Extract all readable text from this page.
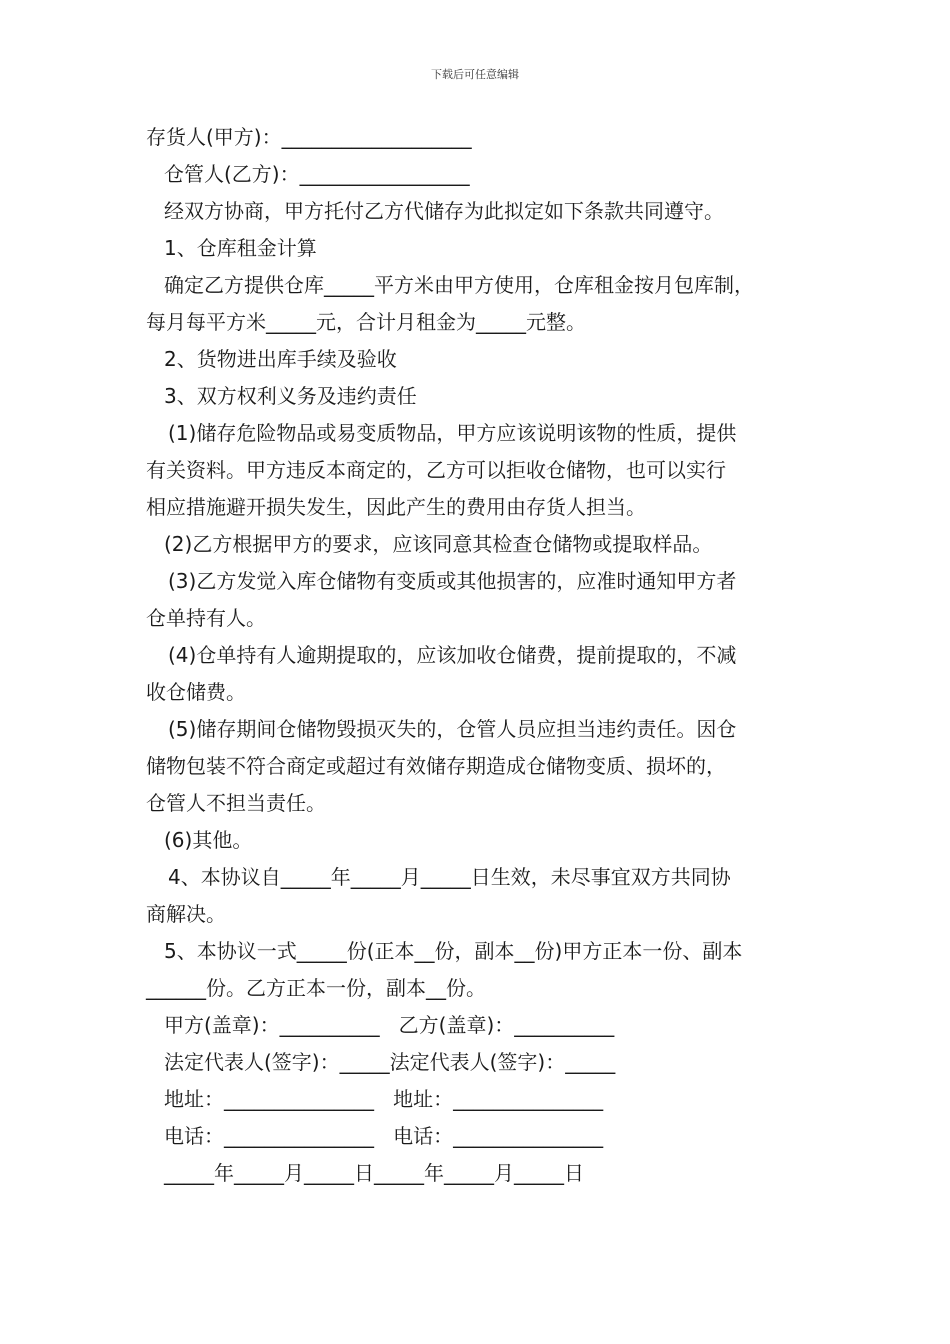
下载后可任意编辑
存货人(甲方)：___________________
仓管人(乙方)：_________________
经双方协商，甲方托付乙方代储存为此拟定如下条款共同遵守。
1、仓库租金计算
确定乙方提供仓库_____平方米由甲方使用，仓库租金按月包库制，
每月每平方米_____元，合计月租金为_____元整。
2、货物进出库手续及验收
3、双方权利义务及违约责任
(1)储存危险物品或易变质物品，甲方应该说明该物的性质，提供
有关资料。甲方违反本商定的，乙方可以拒收仓储物，也可以实行
相应措施避开损失发生，因此产生的费用由存货人担当。
(2)乙方根据甲方的要求，应该同意其检查仓储物或提取样品。
(3)乙方发觉入库仓储物有变质或其他损害的，应准时通知甲方者
仓单持有人。
(4)仓单持有人逾期提取的，应该加收仓储费，提前提取的，不减
收仓储费。
(5)储存期间仓储物毁损灭失的，仓管人员应担当违约责任。因仓
储物包装不符合商定或超过有效储存期造成仓储物变质、损坏的，
仓管人不担当责任。
(6)其他。
4、本协议自_____年_____月_____日生效，未尽事宜双方共同协
商解决。
5、本协议一式_____份(正本__份，副本__份)甲方正本一份、副本
______份。乙方正本一份，副本__份。
甲方(盖章)：__________   乙方(盖章)：__________
法定代表人(签字)：_____法定代表人(签字)：_____
地址：_______________   地址：_______________
电话：_______________   电话：_______________
_____年_____月_____日_____年_____月_____日
